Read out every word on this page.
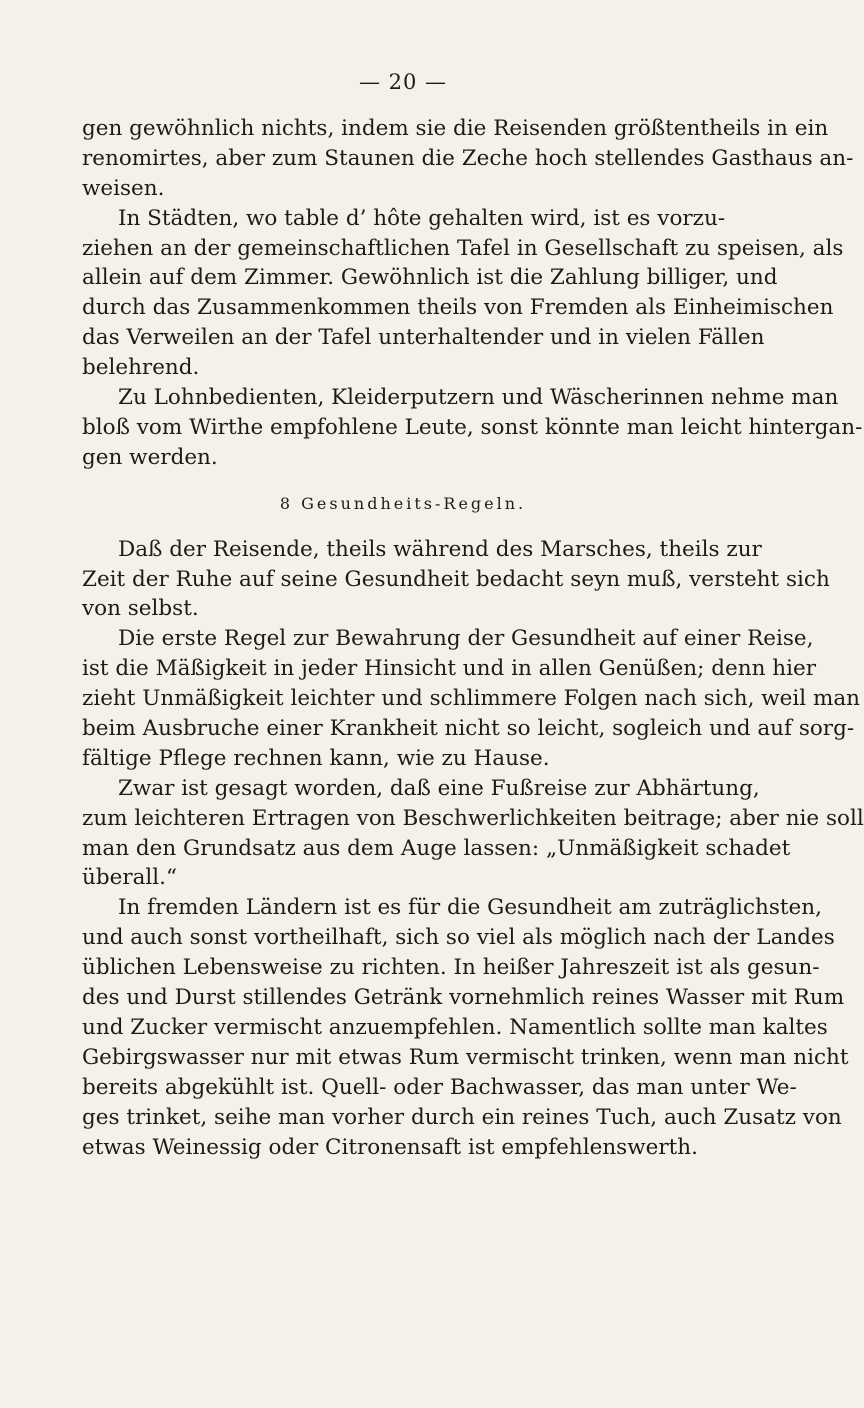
— 20 —
gen gewöhnlich nichts, indem sie die Reisenden größtentheils in ein
renomirtes, aber zum Staunen die Zeche hoch stellendes Gasthaus an-
weisen.
In Städten, wo table d’ hôte gehalten wird, ist es vorzu-
ziehen an der gemeinschaftlichen Tafel in Gesellschaft zu speisen, als
allein auf dem Zimmer. Gewöhnlich ist die Zahlung billiger, und
durch das Zusammenkommen theils von Fremden als Einheimischen
das Verweilen an der Tafel unterhaltender und in vielen Fällen
belehrend.
Zu Lohnbedienten, Kleiderputzern und Wäscherinnen nehme man
bloß vom Wirthe empfohlene Leute, sonst könnte man leicht hintergan-
gen werden.
8 Gesundheits-Regeln.
Daß der Reisende, theils während des Marsches, theils zur
Zeit der Ruhe auf seine Gesundheit bedacht seyn muß, versteht sich
von selbst.
Die erste Regel zur Bewahrung der Gesundheit auf einer Reise,
ist die Mäßigkeit in jeder Hinsicht und in allen Genüßen; denn hier
zieht Unmäßigkeit leichter und schlimmere Folgen nach sich, weil man
beim Ausbruche einer Krankheit nicht so leicht, sogleich und auf sorg-
fältige Pflege rechnen kann, wie zu Hause.
Zwar ist gesagt worden, daß eine Fußreise zur Abhärtung,
zum leichteren Ertragen von Beschwerlichkeiten beitrage; aber nie soll
man den Grundsatz aus dem Auge lassen: „Unmäßigkeit schadet
überall.“
In fremden Ländern ist es für die Gesundheit am zuträglichsten,
und auch sonst vortheilhaft, sich so viel als möglich nach der Landes
üblichen Lebensweise zu richten. In heißer Jahreszeit ist als gesun-
des und Durst stillendes Getränk vornehmlich reines Wasser mit Rum
und Zucker vermischt anzuempfehlen. Namentlich sollte man kaltes
Gebirgswasser nur mit etwas Rum vermischt trinken, wenn man nicht
bereits abgekühlt ist. Quell- oder Bachwasser, das man unter We-
ges trinket, seihe man vorher durch ein reines Tuch, auch Zusatz von
etwas Weinessig oder Citronensaft ist empfehlenswerth.
